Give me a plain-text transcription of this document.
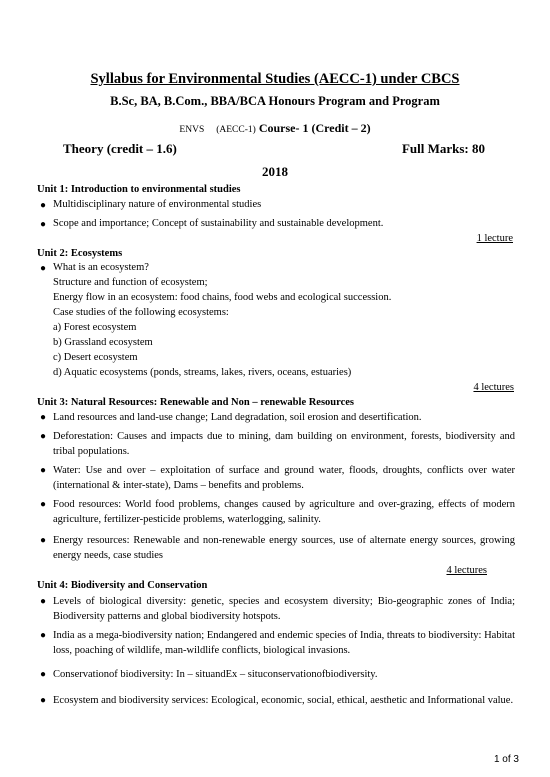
Syllabus for Environmental Studies (AECC-1) under CBCS
B.Sc, BA, B.Com., BBA/BCA Honours Program and Program
ENVS (AECC-1) Course- 1 (Credit – 2)
Theory (credit – 1.6)	Full Marks: 80
2018
Unit 1: Introduction to environmental studies
● Multidisciplinary nature of environmental studies
● Scope and importance; Concept of sustainability and sustainable development.
1 lecture
Unit 2: Ecosystems
● What is an ecosystem?
Structure and function of ecosystem;
Energy flow in an ecosystem: food chains, food webs and ecological succession.
Case studies of the following ecosystems:
a) Forest ecosystem
b) Grassland ecosystem
c) Desert ecosystem
d) Aquatic ecosystems (ponds, streams, lakes, rivers, oceans, estuaries)
4 lectures
Unit 3: Natural Resources: Renewable and Non – renewable Resources
● Land resources and land-use change; Land degradation, soil erosion and desertification.
● Deforestation: Causes and impacts due to mining, dam building on environment, forests, biodiversity and tribal populations.
● Water: Use and over – exploitation of surface and ground water, floods, droughts, conflicts over water (international & inter-state), Dams – benefits and problems.
● Food resources: World food problems, changes caused by agriculture and over-grazing, effects of modern agriculture, fertilizer-pesticide problems, waterlogging, salinity.
● Energy resources: Renewable and non-renewable energy sources, use of alternate energy sources, growing energy needs, case studies
4 lectures
Unit 4: Biodiversity and Conservation
● Levels of biological diversity: genetic, species and ecosystem diversity; Bio-geographic zones of India; Biodiversity patterns and global biodiversity hotspots.
● India as a mega-biodiversity nation; Endangered and endemic species of India, threats to biodiversity: Habitat loss, poaching of wildlife, man-wildlife conflicts, biological invasions.
● Conservationof biodiversity: In – situandEx – situconservationofbiodiversity.
● Ecosystem and biodiversity services: Ecological, economic, social, ethical, aesthetic and Informational value.
1 of 3
